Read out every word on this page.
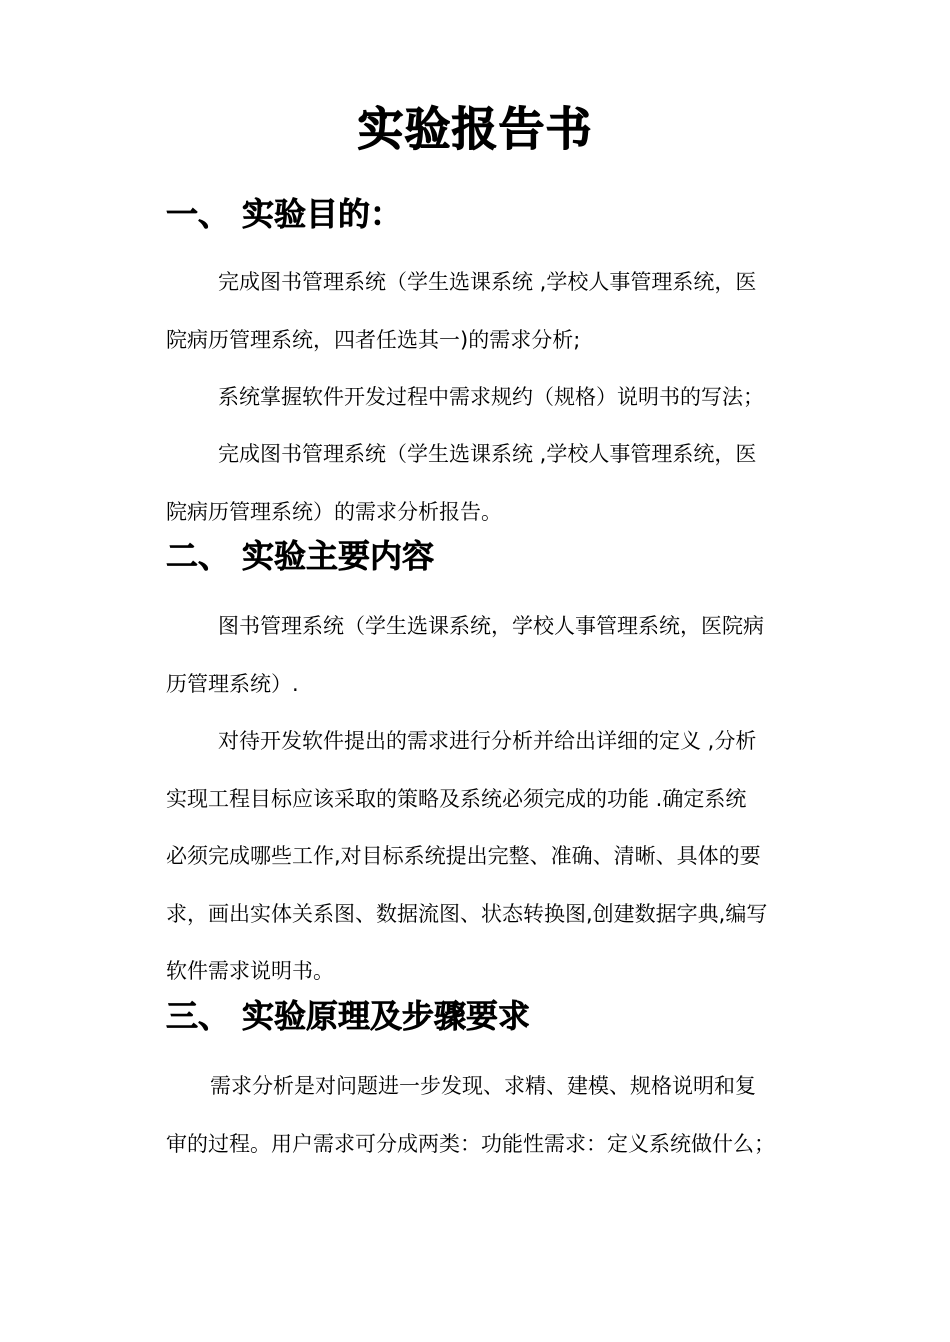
实验报告书
一、 实验目的：
完成图书管理系统（学生选课系统 ,学校人事管理系统，医
院病历管理系统，四者任选其一)的需求分析;
系统掌握软件开发过程中需求规约（规格）说明书的写法；
完成图书管理系统（学生选课系统 ,学校人事管理系统，医
院病历管理系统）的需求分析报告。
二、 实验主要内容
图书管理系统（学生选课系统，学校人事管理系统，医院病
历管理系统）.
对待开发软件提出的需求进行分析并给出详细的定义 ,分析
实现工程目标应该采取的策略及系统必须完成的功能 .确定系统
必须完成哪些工作,对目标系统提出完整、准确、清晰、具体的要
求，画出实体关系图、数据流图、状态转换图,创建数据字典,编写
软件需求说明书。
三、 实验原理及步骤要求
需求分析是对问题进一步发现、求精、建模、规格说明和复
审的过程。用户需求可分成两类：功能性需求：定义系统做什么；
